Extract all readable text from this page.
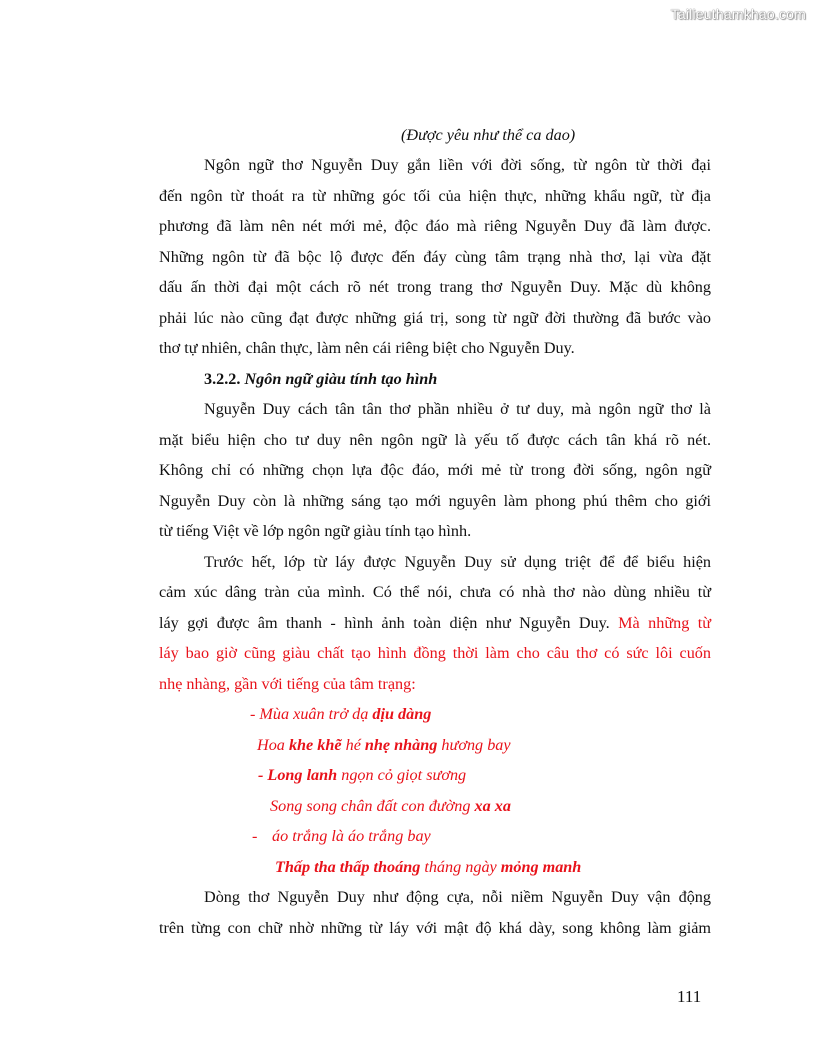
Tailieuthamkhao.com
(Được yêu như thể ca dao)
Ngôn ngữ thơ Nguyễn Duy gắn liền với đời sống, từ ngôn từ thời đại
đến ngôn từ thoát ra từ những góc tối của hiện thực, những khẩu ngữ, từ địa
phương đã làm nên nét mới mẻ, độc đáo mà riêng Nguyễn Duy đã làm được.
Những ngôn từ đã bộc lộ được đến đáy cùng tâm trạng nhà thơ, lại vừa đặt
dấu ấn thời đại một cách rõ nét trong trang thơ Nguyễn Duy. Mặc dù không
phải lúc nào cũng đạt được những giá trị, song từ ngữ đời thường đã bước vào
thơ tự nhiên, chân thực, làm nên cái riêng biệt cho Nguyễn Duy.
3.2.2. Ngôn ngữ giàu tính tạo hình
Nguyễn Duy cách tân tân thơ phần nhiều ở tư duy, mà ngôn ngữ thơ là
mặt biểu hiện cho tư duy nên ngôn ngữ là yếu tố được cách tân khá rõ nét.
Không chỉ có những chọn lựa độc đáo, mới mẻ từ trong đời sống, ngôn ngữ
Nguyễn Duy còn là những sáng tạo mới nguyên làm phong phú thêm cho giới
từ tiếng Việt về lớp ngôn ngữ giàu tính tạo hình.
Trước hết, lớp từ láy được Nguyễn Duy sử dụng triệt để để biểu hiện
cảm xúc dâng tràn của mình. Có thể nói, chưa có nhà thơ nào dùng nhiều từ
láy gợi được âm thanh - hình ảnh toàn diện như Nguyễn Duy. Mà những từ
láy bao giờ cũng giàu chất tạo hình đồng thời làm cho câu thơ có sức lôi cuốn
nhẹ nhàng, gần với tiếng của tâm trạng:
- Mùa xuân trở dạ dịu dàng
Hoa khe khẽ hé nhẹ nhàng hương bay
- Long lanh ngọn cỏ giọt sương
Song song chân đất con đường xa xa
- áo trắng là áo trắng bay
Thấp tha thấp thoáng tháng ngày mỏng manh
Dòng thơ Nguyễn Duy như động cựa, nỗi niềm Nguyễn Duy vận động
trên từng con chữ nhờ những từ láy với mật độ khá dày, song không làm giảm
111
